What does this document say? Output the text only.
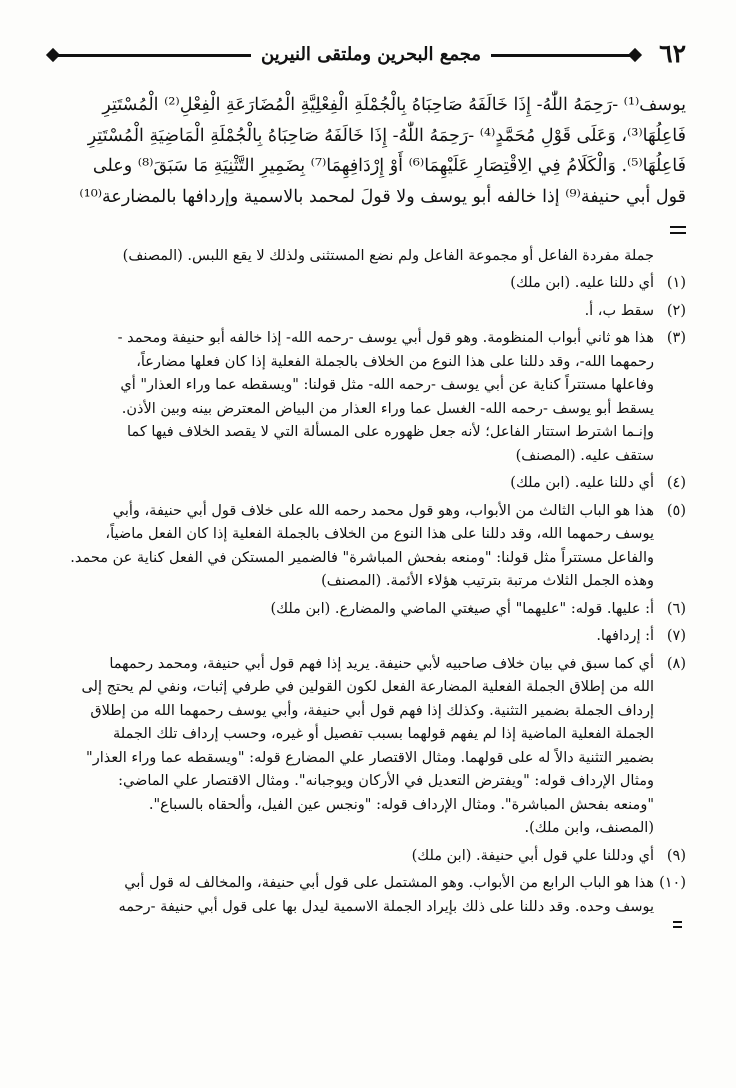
٦٢
مجمع البحرين وملتقى النيرين
يوسف⁽¹⁾ -رَحِمَهُ اللّٰهُ- إِذَا خَالَفَهُ صَاحِبَاهُ بِالْجُمْلَةِ الْفِعْلِيَّةِ الْمُضَارَعَةِ الْفِعْلِ⁽²⁾ الْمُسْتَتِرِ
فَاعِلُهَا⁽³⁾، وَعَلَى قَوْلِ مُحَمَّدٍ⁽⁴⁾ -رَحِمَهُ اللّٰهُ- إِذَا خَالَفَهُ صَاحِبَاهُ بِالْجُمْلَةِ الْمَاضِيَةِ الْمُسْتَتِرِ
فَاعِلُهَا⁽⁵⁾. وَالْكَلَامُ فِي الِاقْتِصَارِ عَلَيْهِمَا⁽⁶⁾ أَوْ إِرْدَافِهِمَا⁽⁷⁾ بِضَمِيرِ التَّثْنِيَةِ مَا سَبَقَ⁽⁸⁾ وعلى
قول أبي حنيفة⁽⁹⁾ إذا خالفه أبو يوسف ولا قولَ لمحمد بالاسمية وإردافها بالمضارعة⁽¹⁰⁾
جملة مفردة الفاعل أو مجموعة الفاعل ولم نضع المستثنى ولذلك لا يقع اللبس. (المصنف)
(١)
أي دللنا عليه. (ابن ملك)
(٢)
سقط ب، أ.
(٣)
هذا هو ثاني أبواب المنظومة. وهو قول أبي يوسف -رحمه الله- إذا خالفه أبو حنيفة ومحمد -
رحمهما الله-، وقد دللنا على هذا النوع من الخلاف بالجملة الفعلية إذا كان فعلها مضارعاً،
وفاعلها مستتراً كناية عن أبي يوسف -رحمه الله- مثل قولنا: "ويسقطه عما وراء العذار" أي
يسقط أبو يوسف -رحمه الله- الغسل عما وراء العذار من البياض المعترض بينه وبين الأذن.
وإنـما اشترط استتار الفاعل؛ لأنه جعل ظهوره على المسألة التي لا يقصد الخلاف فيها كما
ستقف عليه. (المصنف)
(٤)
أي دللنا عليه. (ابن ملك)
(٥)
هذا هو الباب الثالث من الأبواب، وهو قول محمد رحمه الله على خلاف قول أبي حنيفة، وأبي
يوسف رحمهما الله، وقد دللنا على هذا النوع من الخلاف بالجملة الفعلية إذا كان الفعل ماضياً،
والفاعل مستتراً مثل قولنا: "ومنعه بفحش المباشرة" فالضمير المستكن في الفعل كناية عن محمد.
وهذه الجمل الثلاث مرتبة بترتيب هؤلاء الأئمة. (المصنف)
(٦)
أ: عليها. قوله: "عليهما" أي صيغتي الماضي والمضارع. (ابن ملك)
(٧)
أ: إردافها.
(٨)
أي كما سبق في بيان خلاف صاحبيه لأبي حنيفة. يريد إذا فهم قول أبي حنيفة، ومحمد رحمهما
الله من إطلاق الجملة الفعلية المضارعة الفعل لكون القولين في طرفي إثبات، ونفي لم يحتج إلى
إرداف الجملة بضمير التثنية. وكذلك إذا فهم قول أبي حنيفة، وأبي يوسف رحمهما الله من إطلاق
الجملة الفعلية الماضية إذا لم يفهم قولهما بسبب تفصيل أو غيره، وحسب إرداف تلك الجملة
بضمير التثنية دالاً له على قولهما. ومثال الاقتصار علي المضارع قوله: "ويسقطه عما وراء العذار"
ومثال الإرداف قوله: "ويفترض التعديل في الأركان ويوجبانه". ومثال الاقتصار علي الماضي:
"ومنعه بفحش المباشرة". ومثال الإرداف قوله: "ونجس عين الفيل، وألحقاه بالسباع".
(المصنف، وابن ملك).
(٩)
أي ودللنا علي قول أبي حنيفة. (ابن ملك)
(١٠)
هذا هو الباب الرابع من الأبواب. وهو المشتمل على قول أبي حنيفة، والمخالف له قول أبي
يوسف وحده. وقد دللنا على ذلك بإيراد الجملة الاسمية ليدل بها على قول أبي حنيفة -رحمه
